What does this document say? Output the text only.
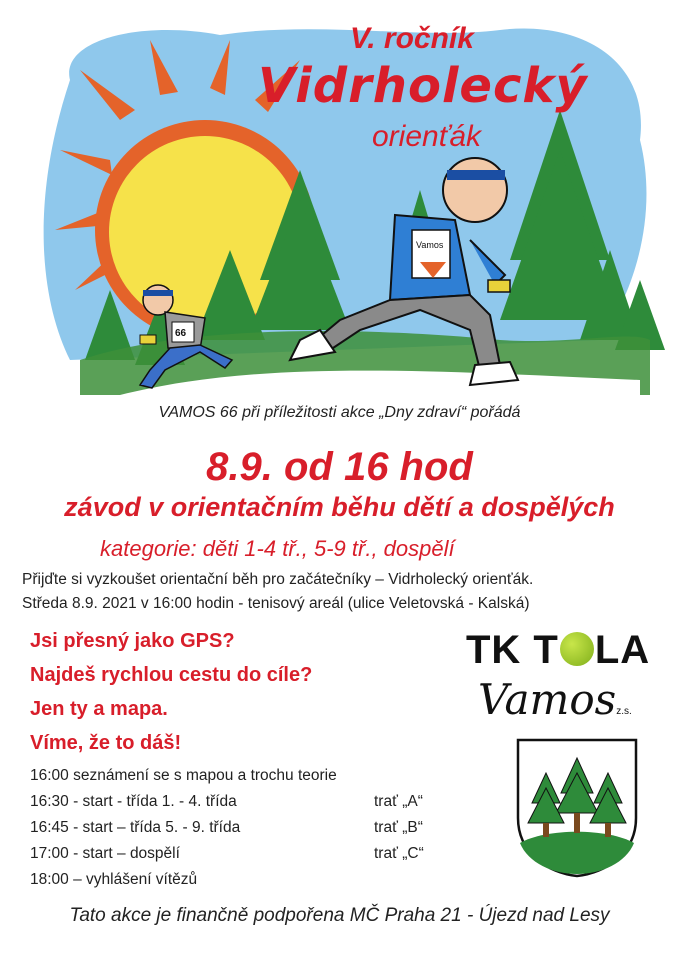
Vamos
66
V. ročník
Vidrholecký
orienťák
VAMOS 66 při příležitosti akce „Dny zdraví“ pořádá
8.9. od 16 hod
závod v orientačním běhu dětí a dospělých
kategorie: děti 1-4 tř., 5-9 tř., dospělí
Přijďte si vyzkoušet orientační běh pro začátečníky – Vidrholecký orienťák.
Středa 8.9. 2021 v 16:00 hodin - tenisový areál (ulice Veletovská - Kalská)
Jsi přesný jako GPS?
Najdeš rychlou cestu do cíle?
Jen ty a mapa.
Víme, že to dáš!
16:00 seznámení se s mapou a trochu teorie
16:30 - start - třída 1. - 4. třída	trať „A“
16:45 - start – třída 5. - 9. třída	trať „B“
17:00 - start – dospělí	trať „C“
18:00 – vyhlášení vítězů
TK T LA
Vamosz.s.
Tato akce je finančně podpořena MČ Praha 21 - Újezd nad Lesy
